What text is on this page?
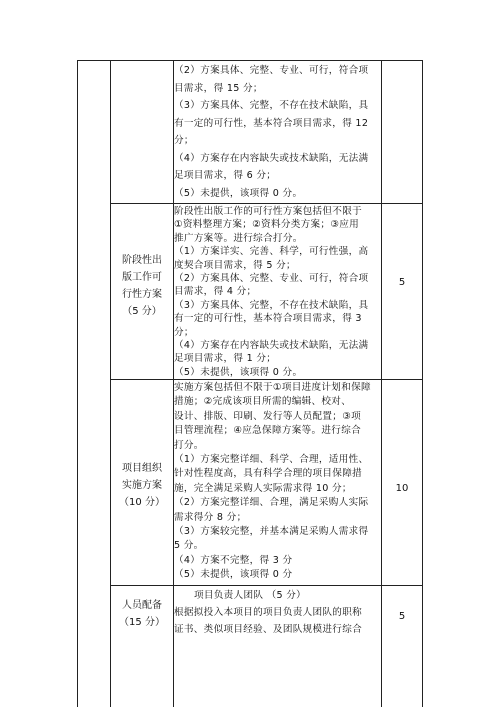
（2）方案具体、完整、专业、可行，符合项
目需求，得 15 分；
（3）方案具体、完整，不存在技术缺陷，具
有一定的可行性，基本符合项目需求，得 12
分；
（4）方案存在内容缺失或技术缺陷，无法满
足项目需求，得 6 分；
（5）未提供，该项得 0 分。
阶段性出
版工作可
行性方案
（5 分）
阶段性出版工作的可行性方案包括但不限于
①资料整理方案；②资料分类方案；③应用
推广方案等。进行综合打分。
（1）方案详实、完善、科学，可行性强，高
度契合项目需求，得 5 分；
（2）方案具体、完整、专业、可行，符合项
目需求，得 4 分；
（3）方案具体、完整，不存在技术缺陷，具
有一定的可行性，基本符合项目需求，得 3
分；
（4）方案存在内容缺失或技术缺陷，无法满
足项目需求，得 1 分；
（5）未提供，该项得 0 分。
5
项目组织
实施方案
（10 分）
实施方案包括但不限于①项目进度计划和保障
措施；②完成该项目所需的编辑、校对、
设计、排版、印刷、发行等人员配置；③项
目管理流程；④应急保障方案等。进行综合
打分。
（1）方案完整详细、科学、合理，适用性、
针对性程度高，具有科学合理的项目保障措
施，完全满足采购人实际需求得 10 分；
（2）方案完整详细、合理，满足采购人实际
需求得分 8 分；
（3）方案较完整，并基本满足采购人需求得
5 分。
（4）方案不完整，得 3 分
（5）未提供，该项得 0 分
10
人员配备
（15 分）
项目负责人团队 （5 分）
根据拟投入本项目的项目负责人团队的职称
证书、类似项目经验、及团队规模进行综合
5
